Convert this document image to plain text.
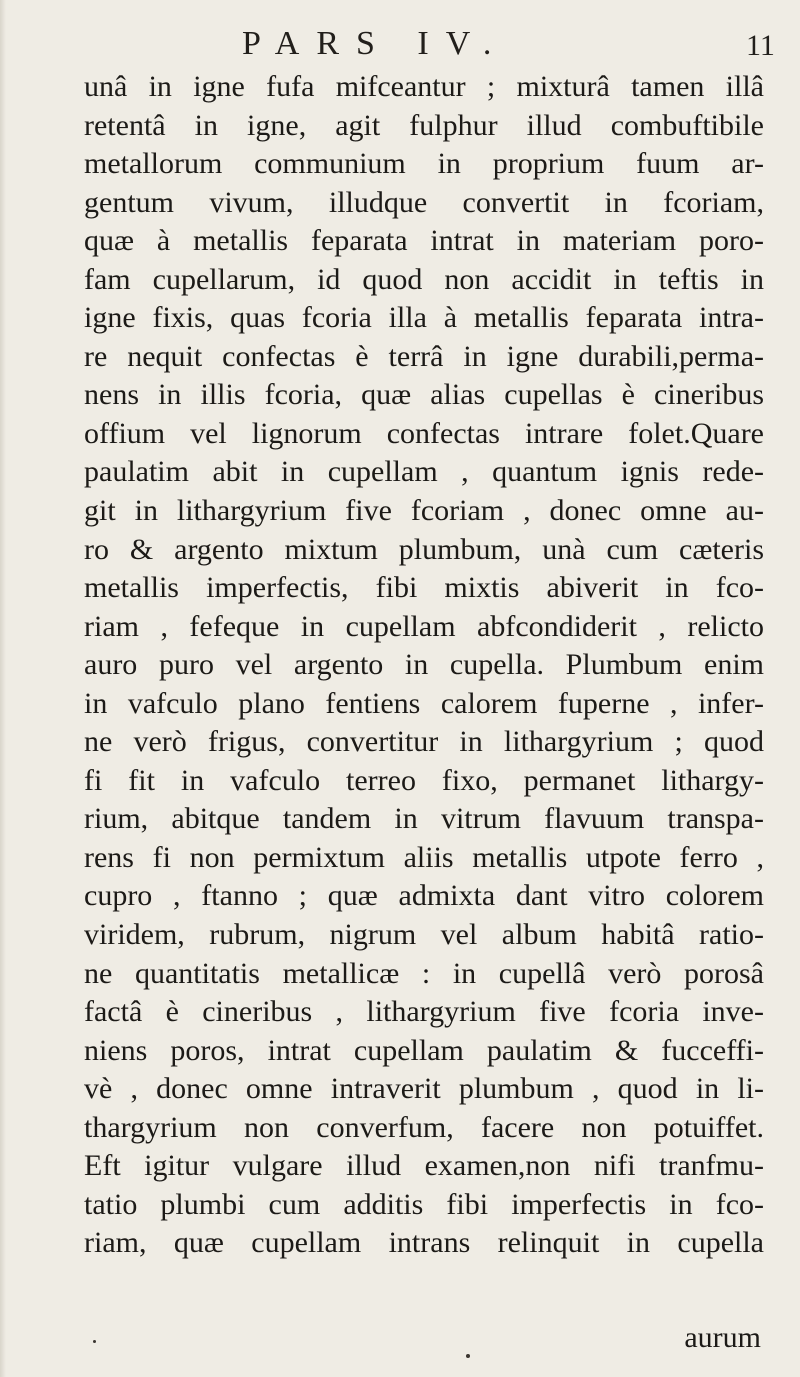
PARS IV.	11
unâ in igne fufa mifceantur ; mixturâ tamen illâ
retentâ in igne, agit fulphur illud combuftibile
metallorum communium in proprium fuum ar-
gentum vivum, illudque convertit in fcoriam,
quæ à metallis feparata intrat in materiam poro-
fam cupellarum, id quod non accidit in teftis in
igne fixis, quas fcoria illa à metallis feparata intra-
re nequit confectas è terrâ in igne durabili,perma-
nens in illis fcoria, quæ alias cupellas è cineribus
offium vel lignorum confectas intrare folet.Quare
paulatim abit in cupellam , quantum ignis rede-
git in lithargyrium five fcoriam , donec omne au-
ro & argento mixtum plumbum, unà cum cæteris
metallis imperfectis, fibi mixtis abiverit in fco-
riam , fefeque in cupellam abfcondiderit , relicto
auro puro vel argento in cupella. Plumbum enim
in vafculo plano fentiens calorem fuperne , infer-
ne verò frigus, convertitur in lithargyrium ; quod
fi fit in vafculo terreo fixo, permanet lithargy-
rium, abitque tandem in vitrum flavuum transpa-
rens fi non permixtum aliis metallis utpote ferro ,
cupro , ftanno ; quæ admixta dant vitro colorem
viridem, rubrum, nigrum vel album habitâ ratio-
ne quantitatis metallicæ : in cupellâ verò porosâ
factâ è cineribus , lithargyrium five fcoria inve-
niens poros, intrat cupellam paulatim & fucceffi-
vè , donec omne intraverit plumbum , quod in li-
thargyrium non converfum, facere non potuiffet.
Eft igitur vulgare illud examen,non nifi tranfmu-
tatio plumbi cum additis fibi imperfectis in fco-
riam, quæ cupellam intrans relinquit in cupella
aurum
